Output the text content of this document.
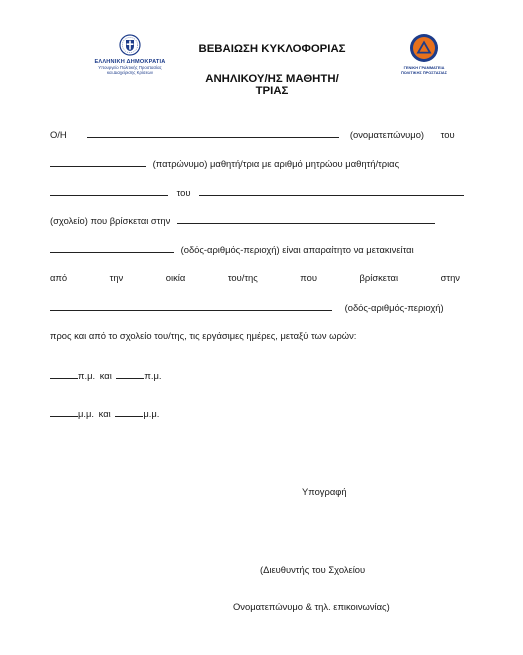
ΕΛΛΗΝΙΚΗ ΔΗΜΟΚΡΑΤΙΑ
Υπουργείο Πολιτικής Προστασίας
και Διαχείρισης Κρίσεων
ΒΕΒΑΙΩΣΗ ΚΥΚΛΟΦΟΡΙΑΣ
ΑΝΗΛΙΚΟΥ/ΗΣ ΜΑΘΗΤΗ/ΤΡΙΑΣ
ΓΕΝΙΚΗ ΓΡΑΜΜΑΤΕΙΑ
ΠΟΛΙΤΙΚΗΣ ΠΡΟΣΤΑΣΙΑΣ
Ο/Η	(ονοματεπώνυμο) του
(πατρώνυμο) μαθητή/τρια με αριθμό μητρώου μαθητή/τριας
του
(σχολείο) που βρίσκεται στην
(οδός-αριθμός-περιοχή) είναι απαραίτητο να μετακινείται
από	την	οικία	του/της	που	βρίσκεται	στην
(οδός-αριθμός-περιοχή)
προς και από το σχολείο του/της, τις εργάσιμες ημέρες, μεταξύ των ωρών:
π.μ. και	π.μ.
μ.μ. και	μ.μ.
Υπογραφή
(Διευθυντής του Σχολείου
Ονοματεπώνυμο & τηλ. επικοινωνίας)
